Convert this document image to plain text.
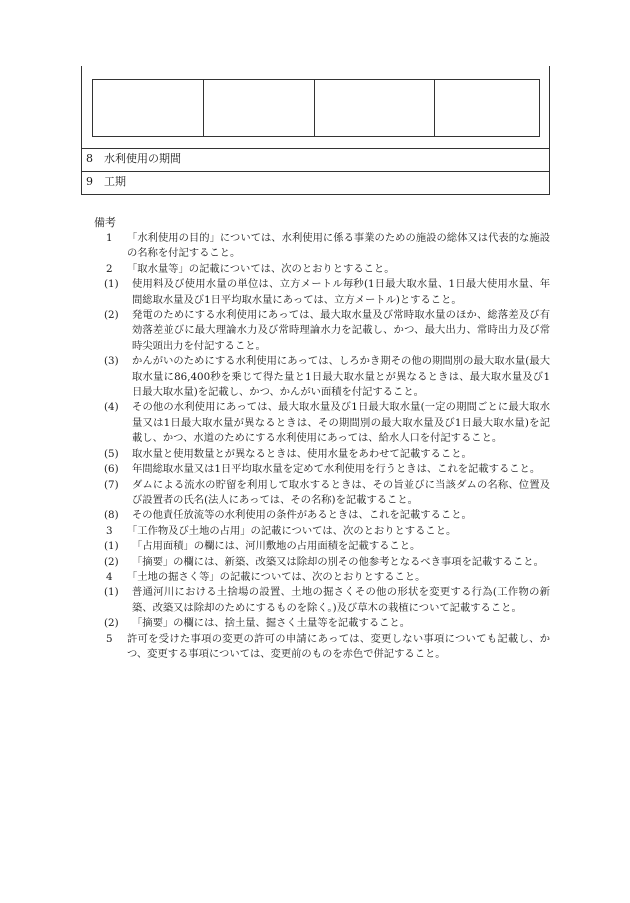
8 水利使用の期間
9 工期
備考
1 「水利使用の目的」については、水利使用に係る事業のための施設の総体又は代表的な施設の名称を付記すること。
2 「取水量等」の記載については、次のとおりとすること。
(1) 使用料及び使用水量の単位は、立方メートル毎秒(1日最大取水量、1日最大使用水量、年間総取水量及び1日平均取水量にあっては、立方メートル)とすること。
(2) 発電のためにする水利使用にあっては、最大取水量及び常時取水量のほか、総落差及び有効落差並びに最大理論水力及び常時理論水力を記載し、かつ、最大出力、常時出力及び常時尖頭出力を付記すること。
(3) かんがいのためにする水利使用にあっては、しろかき期その他の期間別の最大取水量(最大取水量に86,400秒を乗じて得た量と1日最大取水量とが異なるときは、最大取水量及び1日最大取水量)を記載し、かつ、かんがい面積を付記すること。
(4) その他の水利使用にあっては、最大取水量及び1日最大取水量(一定の期間ごとに最大取水量又は1日最大取水量が異なるときは、その期間別の最大取水量及び1日最大取水量)を記載し、かつ、水道のためにする水利使用にあっては、給水人口を付記すること。
(5) 取水量と使用数量とが異なるときは、使用水量をあわせて記載すること。
(6) 年間総取水量又は1日平均取水量を定めて水利使用を行うときは、これを記載すること。
(7) ダムによる流水の貯留を利用して取水するときは、その旨並びに当該ダムの名称、位置及び設置者の氏名(法人にあっては、その名称)を記載すること。
(8) その他責任放流等の水利使用の条件があるときは、これを記載すること。
3 「工作物及び土地の占用」の記載については、次のとおりとすること。
(1) 「占用面積」の欄には、河川敷地の占用面積を記載すること。
(2) 「摘要」の欄には、新築、改築又は除却の別その他参考となるべき事項を記載すること。
4 「土地の掘さく等」の記載については、次のとおりとすること。
(1) 普通河川における土捨場の設置、土地の掘さくその他の形状を変更する行為(工作物の新築、改築又は除却のためにするものを除く。)及び草木の栽植について記載すること。
(2) 「摘要」の欄には、捨土量、掘さく土量等を記載すること。
5 許可を受けた事項の変更の許可の申請にあっては、変更しない事項についても記載し、かつ、変更する事項については、変更前のものを赤色で併記すること。
